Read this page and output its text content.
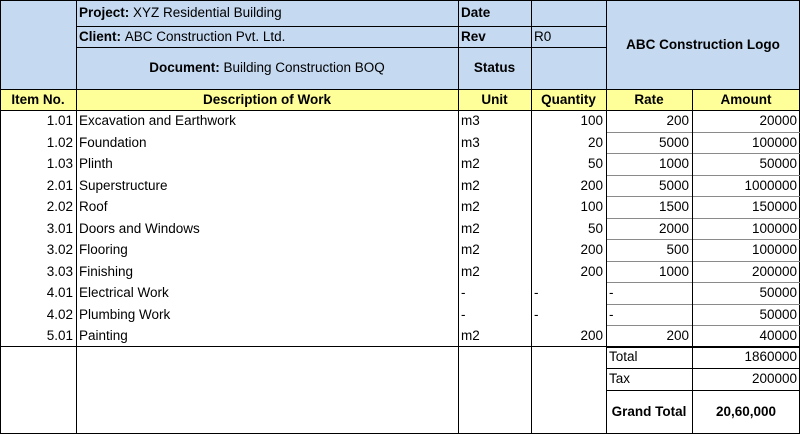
Project:
XYZ Residential Building
Client:
ABC Construction Pvt. Ltd.
Document:
Building Construction BOQ
Date
Rev	R0
Status
ABC Construction Logo
Item No.	Description of Work	Unit	Quantity	Rate	Amount
1.01 Excavation and Earthwork	m3	100	200	20000
1.02 Foundation	m3	20	5000	100000
1.03 Plinth	m2	50	1000	50000
2.01 Superstructure	m2	200	5000	1000000
2.02 Roof	m2	100	1500	150000
3.01 Doors and Windows	m2	50	2000	100000
3.02 Flooring	m2	200	500	100000
3.03 Finishing	m2	200	1000	200000
4.01 Electrical Work	-	-	-	50000
4.02 Plumbing Work	-	-	-	50000
5.01 Painting	m2	200	200	40000
Total	1860000
Tax	200000
Grand Total	20,60,000
